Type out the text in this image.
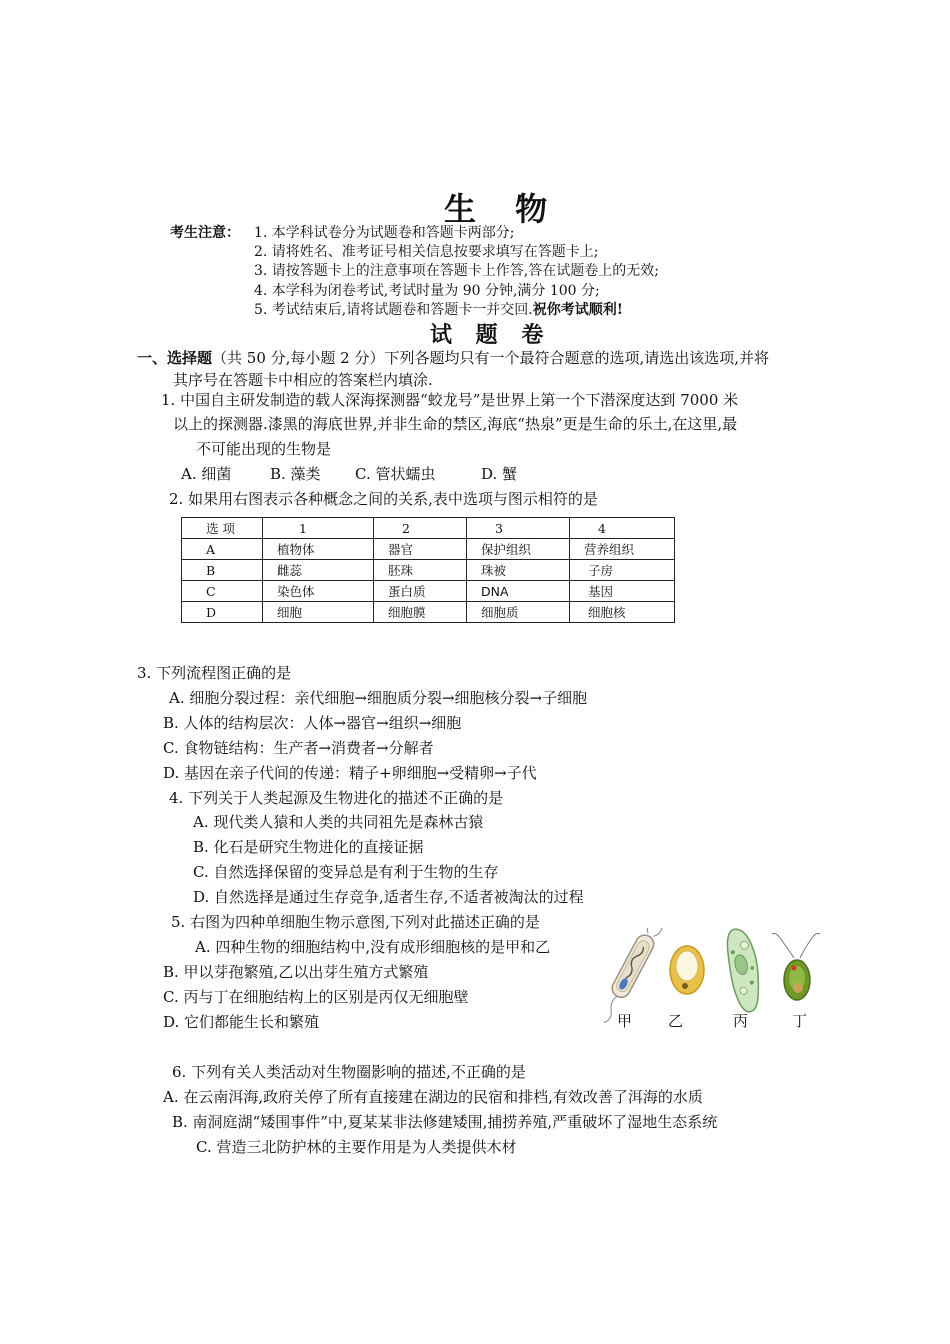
生 物
考生注意： 1. 本学科试卷分为试题卷和答题卡两部分;
2. 请将姓名、准考证号相关信息按要求填写在答题卡上;
3. 请按答题卡上的注意事项在答题卡上作答,答在试题卷上的无效;
4. 本学科为闭卷考试,考试时量为 90 分钟,满分 100 分;
5. 考试结束后,请将试题卷和答题卡一并交回.祝你考试顺利!
试 题 卷
一、选择题（共 50 分,每小题 2 分）下列各题均只有一个最符合题意的选项,请选出该选项,并将
其序号在答题卡中相应的答案栏内填涂.
1. 中国自主研发制造的载人深海探测器“蛟龙号”是世界上第一个下潜深度达到 7000 米
以上的探测器.漆黑的海底世界,并非生命的禁区,海底“热泉”更是生命的乐土,在这里,最
不可能出现的生物是
A. 细菌	B. 藻类 C. 管状蠕虫	D. 蟹
2. 如果用右图表示各种概念之间的关系,表中选项与图示相符的是
选 项	1	2	3	4
A	植物体	器官	保护组织	营养组织
B	雌蕊	胚珠	珠被	子房
C	染色体	蛋白质	DNA	基因
D	细胞	细胞膜	细胞质	细胞核
3. 下列流程图正确的是
A. 细胞分裂过程：亲代细胞→细胞质分裂→细胞核分裂→子细胞
B. 人体的结构层次：人体→器官→组织→细胞
C. 食物链结构：生产者→消费者→分解者
D. 基因在亲子代间的传递：精子+卵细胞→受精卵→子代
4. 下列关于人类起源及生物进化的描述不正确的是
A. 现代类人猿和人类的共同祖先是森林古猿
B. 化石是研究生物进化的直接证据
C. 自然选择保留的变异总是有利于生物的生存
D. 自然选择是通过生存竞争,适者生存,不适者被淘汰的过程
5. 右图为四种单细胞生物示意图,下列对此描述正确的是
A. 四种生物的细胞结构中,没有成形细胞核的是甲和乙
B. 甲以芽孢繁殖,乙以出芽生殖方式繁殖
C. 丙与丁在细胞结构上的区别是丙仅无细胞壁
D. 它们都能生长和繁殖	甲 乙	丙	丁
6. 下列有关人类活动对生物圈影响的描述,不正确的是
A. 在云南洱海,政府关停了所有直接建在湖边的民宿和排档,有效改善了洱海的水质
B. 南洞庭湖“矮围事件”中,夏某某非法修建矮围,捕捞养殖,严重破坏了湿地生态系统
C. 营造三北防护林的主要作用是为人类提供木材
